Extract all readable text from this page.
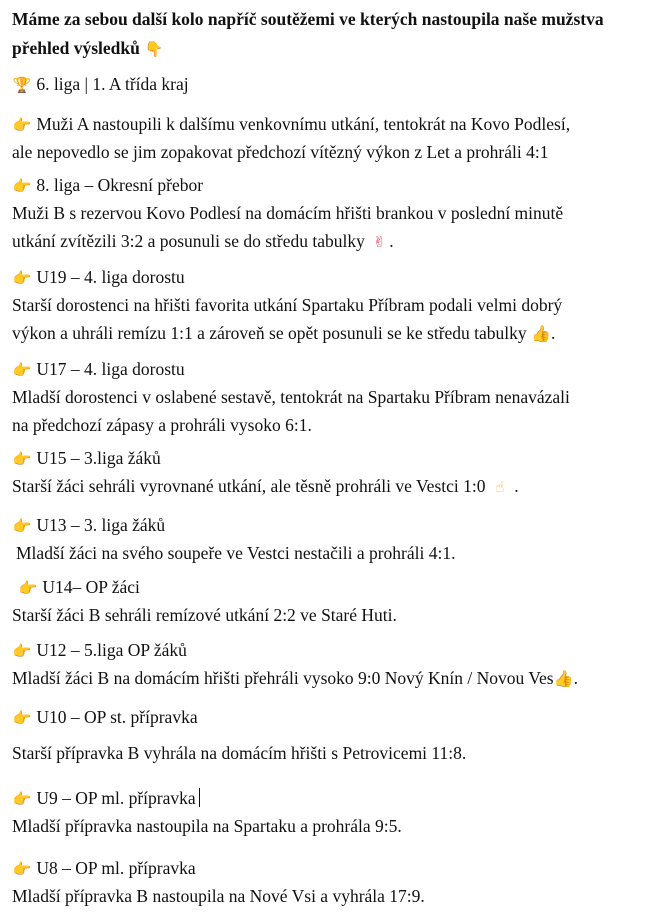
Máme za sebou další kolo napříč soutěžemi ve kterých nastoupila naše mužstva přehled výsledků 👇
🏆 6. liga | 1. A třída kraj
👉 Muži A nastoupili k dalšímu venkovnímu utkání, tentokrát na Kovo Podlesí,
ale nepovedlo se jim zopakovat předchozí vítězný výkon z Let a prohráli 4:1
👉 8. liga – Okresní přebor
Muži B s rezervou Kovo Podlesí na domácím hřišti brankou v poslední minutě
utkání zvítězili 3:2 a posunuli se do středu tabulky ✌ .
👉 U19 – 4. liga dorostu
Starší dorostenci na hřišti favorita utkání Spartaku Příbram podali velmi dobrý
výkon a uhráli remízu 1:1 a zároveň se opět posunuli se ke středu tabulky 👍.
👉 U17 – 4. liga dorostu
Mladší dorostenci v oslabené sestavě, tentokrát na Spartaku Příbram nenavázali
na předchozí zápasy a prohráli vysoko 6:1.
👉 U15 – 3.liga žáků
Starší žáci sehráli vyrovnané utkání, ale těsně prohráli ve Vestci 1:0 ☝ .
👉 U13 – 3. liga žáků
Mladší žáci na svého soupeře ve Vestci nestačili a prohráli 4:1.
👉 U14– OP žáci
Starší žáci B sehráli remízové utkání 2:2 ve Staré Huti.
👉 U12 – 5.liga OP žáků
Mladší žáci B na domácím hřišti přehráli vysoko 9:0 Nový Knín / Novou Ves👍.
👉 U10 – OP st. přípravka
Starší přípravka B vyhrála na domácím hřišti s Petrovicemi 11:8.
👉 U9 – OP ml. přípravka
Mladší přípravka nastoupila na Spartaku a prohrála 9:5.
👉 U8 – OP ml. přípravka
Mladší přípravka B nastoupila na Nové Vsi a vyhrála 17:9.
